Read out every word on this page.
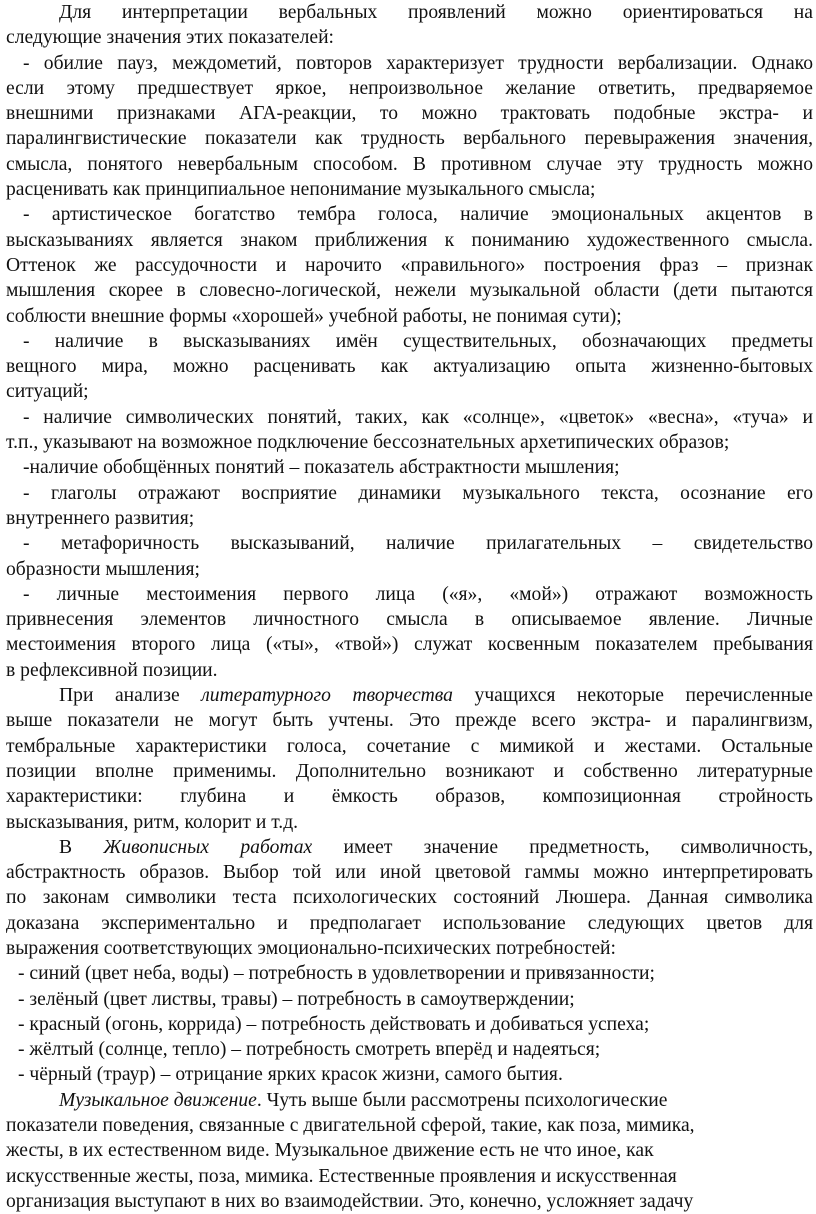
Для интерпретации вербальных проявлений можно ориентироваться на
следующие значения этих показателей:
- обилие пауз, междометий, повторов характеризует трудности вербализации. Однако
если этому предшествует яркое, непроизвольное желание ответить, предваряемое
внешними признаками АГА-реакции, то можно трактовать подобные экстра- и
паралингвистические показатели как трудность вербального перевыражения значения,
смысла, понятого невербальным способом. В противном случае эту трудность можно
расценивать как принципиальное непонимание музыкального смысла;
- артистическое богатство тембра голоса, наличие эмоциональных акцентов в
высказываниях является знаком приближения к пониманию художественного смысла.
Оттенок же рассудочности и нарочито «правильного» построения фраз – признак
мышления скорее в словесно-логической, нежели музыкальной области (дети пытаются
соблюсти внешние формы «хорошей» учебной работы, не понимая сути);
- наличие в высказываниях имён существительных, обозначающих предметы
вещного мира, можно расценивать как актуализацию опыта жизненно-бытовых
ситуаций;
- наличие символических понятий, таких, как «солнце», «цветок» «весна», «туча» и
т.п., указывают на возможное подключение бессознательных архетипических образов;
-наличие обобщённых понятий – показатель абстрактности мышления;
- глаголы отражают восприятие динамики музыкального текста, осознание его
внутреннего развития;
- метафоричность высказываний, наличие прилагательных – свидетельство
образности мышления;
- личные местоимения первого лица («я», «мой») отражают возможность
привнесения элементов личностного смысла в описываемое явление. Личные
местоимения второго лица («ты», «твой») служат косвенным показателем пребывания
в рефлексивной позиции.
При анализе литературного творчества учащихся некоторые перечисленные
выше показатели не могут быть учтены. Это прежде всего экстра- и паралингвизм,
тембральные характеристики голоса, сочетание с мимикой и жестами. Остальные
позиции вполне применимы. Дополнительно возникают и собственно литературные
характеристики: глубина и ёмкость образов, композиционная стройность
высказывания, ритм, колорит и т.д.
В Живописных работах имеет значение предметность, символичность,
абстрактность образов. Выбор той или иной цветовой гаммы можно интерпретировать
по законам символики теста психологических состояний Люшера. Данная символика
доказана экспериментально и предполагает использование следующих цветов для
выражения соответствующих эмоционально-психических потребностей:
- синий (цвет неба, воды) – потребность в удовлетворении и привязанности;
- зелёный (цвет листвы, травы) – потребность в самоутверждении;
- красный (огонь, коррида) – потребность действовать и добиваться успеха;
- жёлтый (солнце, тепло) – потребность смотреть вперёд и надеяться;
- чёрный (траур) – отрицание ярких красок жизни, самого бытия.
Музыкальное движение. Чуть выше были рассмотрены психологические
показатели поведения, связанные с двигательной сферой, такие, как поза, мимика,
жесты, в их естественном виде. Музыкальное движение есть не что иное, как
искусственные жесты, поза, мимика. Естественные проявления и искусственная
организация выступают в них во взаимодействии. Это, конечно, усложняет задачу
